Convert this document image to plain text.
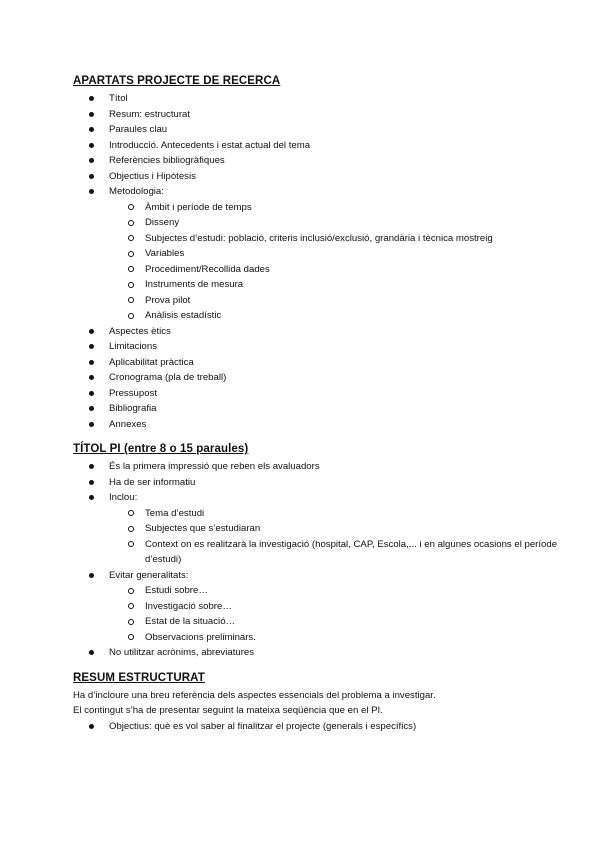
APARTATS PROJECTE DE RECERCA
Títol
Resum: estructurat
Paraules clau
Introducció. Antecedents i estat actual del tema
Referències bibliogràfiques
Objectius i Hipòtesis
Metodologia:
Àmbit i període de temps
Disseny
Subjectes d’estudi: població, criteris inclusió/exclusió, grandària i tècnica mostreig
Variables
Procediment/Recollida dades
Instruments de mesura
Prova pilot
Anàlisis estadístic
Aspectes ètics
Limitacions
Aplicabilitat pràctica
Cronograma (pla de treball)
Pressupost
Bibliografia
Annexes
TÍTOL PI (entre 8 o 15 paraules)
És la primera impressió que reben els avaluadors
Ha de ser informatiu
Inclou:
Tema d’estudi
Subjectes que s’estudiaran
Context on es realitzarà la investigació (hospital, CAP, Escola,... i en algunes ocasions el període d’estudi)
Evitar generalitats:
Estudi sobre…
Investigació sobre…
Estat de la situació…
Observacions preliminars.
No utilitzar acrònims, abreviatures
RESUM ESTRUCTURAT

Ha d’incloure una breu referència dels aspectes essencials del problema a investigar.

El contingut s’ha de presentar seguint la mateixa seqüència que en el PI.

Objectius: què es vol saber al finalitzar el projecte (generals i específics)
